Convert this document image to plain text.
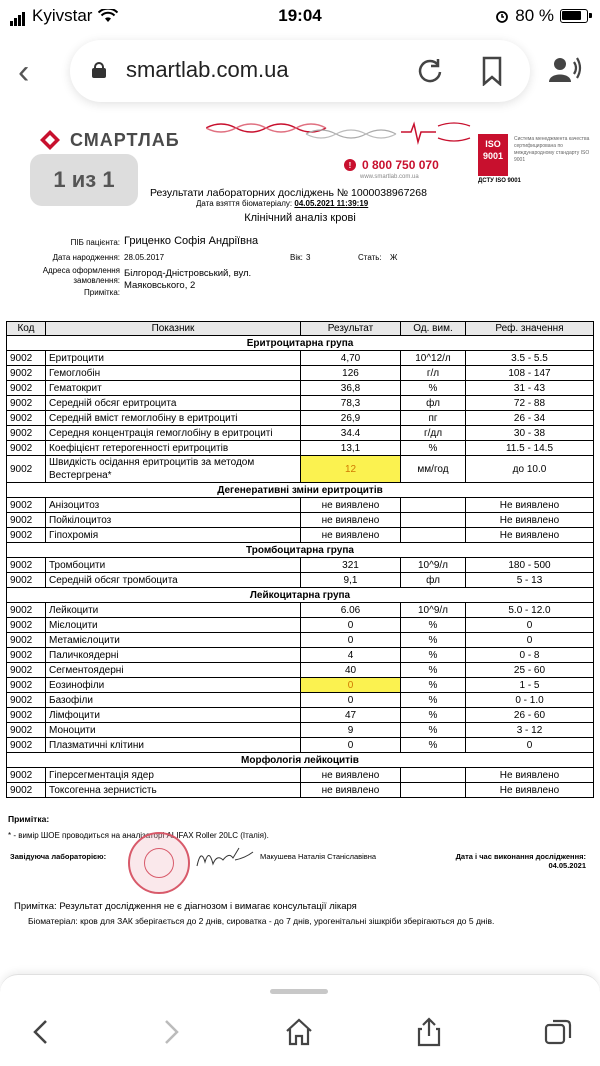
Kyivstar	19:04	80 %
‹	smartlab.com.ua
СМАРТЛАБ
! 0 800 750 070
www.smartlab.com.ua
ISO 9001
Система менеджмента качества сертифицирована по международному стандарту ISO 9001
ДСТУ ISO 9001
1 из 1
Результати лабораторних досліджень № 1000038967268
Дата взяття біоматеріалу: 04.05.2021 11:39:19
Клінічний аналіз крові
ПІБ пацієнта: Гриценко Софія Андріївна
Дата народження: 28.05.2017	Вік: 3	Стать: Ж
Адреса оформлення
замовлення:
Білгород-Дністровський, вул.
Маяковського, 2
Примітка:
Код	Показник	Результат	Од. вим.	Реф. значення
Еритроцитарна група				
9002	Еритроцити	4,70	10^12/л	3.5 - 5.5
9002	Гемоглобін	126	г/л	108 - 147
9002	Гематокрит	36,8	%	31 - 43
9002	Середній обсяг еритроцита	78,3	фл	72 - 88
9002	Середній вміст гемоглобіну в еритроциті	26,9	пг	26 - 34
9002	Середня концентрація гемоглобіну в еритроциті	34.4	г/дл	30 - 38
9002	Коефіцієнт гетерогенності еритроцитів	13,1	%	11.5 - 14.5
9002	Швидкість осідання еритроцитів за методом Вестергрена*	12	мм/год	до 10.0
Дегенеративні зміни еритроцитів				
9002	Анізоцитоз	не виявлено		Не виявлено
9002	Пойкілоцитоз	не виявлено		Не виявлено
9002	Гіпохромія	не виявлено		Не виявлено
Тромбоцитарна група				
9002	Тромбоцити	321	10^9/л	180 - 500
9002	Середній обсяг тромбоцита	9,1	фл	5 - 13
Лейкоцитарна група				
9002	Лейкоцити	6.06	10^9/л	5.0 - 12.0
9002	Мієлоцити	0	%	0
9002	Метамієлоцити	0	%	0
9002	Паличкоядерні	4	%	0 - 8
9002	Сегментоядерні	40	%	25 - 60
9002	Еозинофіли	0	%	1 - 5
9002	Базофіли	0	%	0 - 1.0
9002	Лімфоцити	47	%	26 - 60
9002	Моноцити	9	%	3 - 12
9002	Плазматичні клітини	0	%	0
Морфологія лейкоцитів				
9002	Гіперсегментація ядер	не виявлено		Не виявлено
9002	Токсогенна зернистість	не виявлено		Не виявлено
Примітка:
* - вимір ШОЕ проводиться на аналізаторі ALIFAX Roller 20LC (Італія).
Завідуюча лабораторією:	Макушева Наталія Станіславівна	Дата і час виконання дослідження:
04.05.2021
Примітка: Результат дослідження не є діагнозом і вимагає консультації лікаря
Біоматеріал: кров для ЗАК зберігається до 2 днів, сироватка - до 7 днів, урогенітальні зішкріби зберігаються до 5 днів.
